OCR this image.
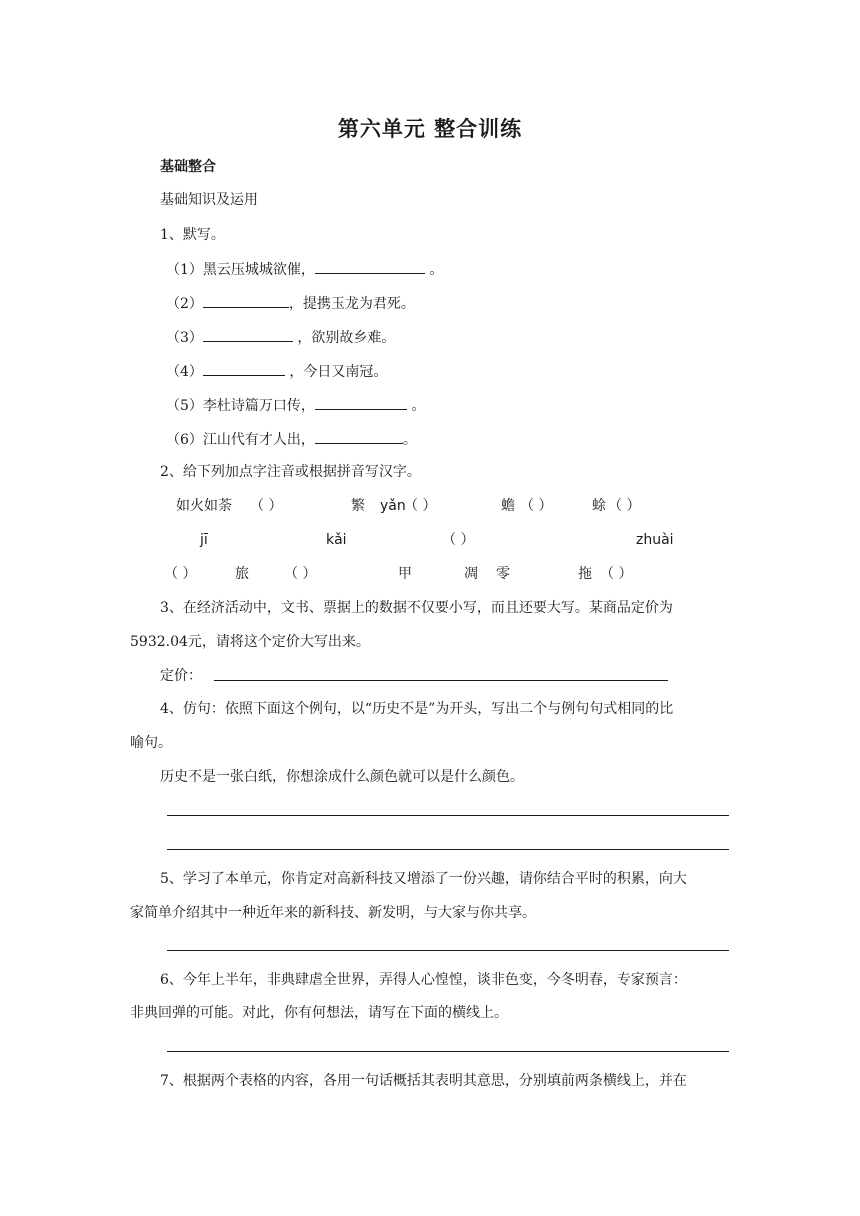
第六单元 整合训练
基础整合
基础知识及运用
1、默写。
（1）黑云压城城欲催，	。
（2）	，提携玉龙为君死。
（3）	，欲别故乡难。
（4）	，今日又南冠。
（5）李杜诗篇万口传，	。
（6）江山代有才人出，	。
2、给下列加点字注音或根据拼音写汉字。
如火如荼 （ ）	繁 yǎn
（ ）	蟾 （ ）	蜍 （ ）
jī	kǎi	（ ）	zhuài
（ ）	旅	（ ）	甲	凋 零	拖 （ ）
3、在经济活动中，文书、票据上的数据不仅要小写，而且还要大写。某商品定价为
5932.04元，请将这个定价大写出来。
定价：
4、仿句：依照下面这个例句，以“历史不是”为开头，写出二个与例句句式相同的比
喻句。
历史不是一张白纸，你想涂成什么颜色就可以是什么颜色。
5、学习了本单元，你肯定对高新科技又增添了一份兴趣，请你结合平时的积累，向大
家简单介绍其中一种近年来的新科技、新发明，与大家与你共享。
6、今年上半年，非典肆虐全世界，弄得人心惶惶，谈非色变，今冬明春，专家预言：
非典回弹的可能。对此，你有何想法，请写在下面的横线上。
7、根据两个表格的内容，各用一句话概括其表明其意思，分别填前两条横线上，并在
